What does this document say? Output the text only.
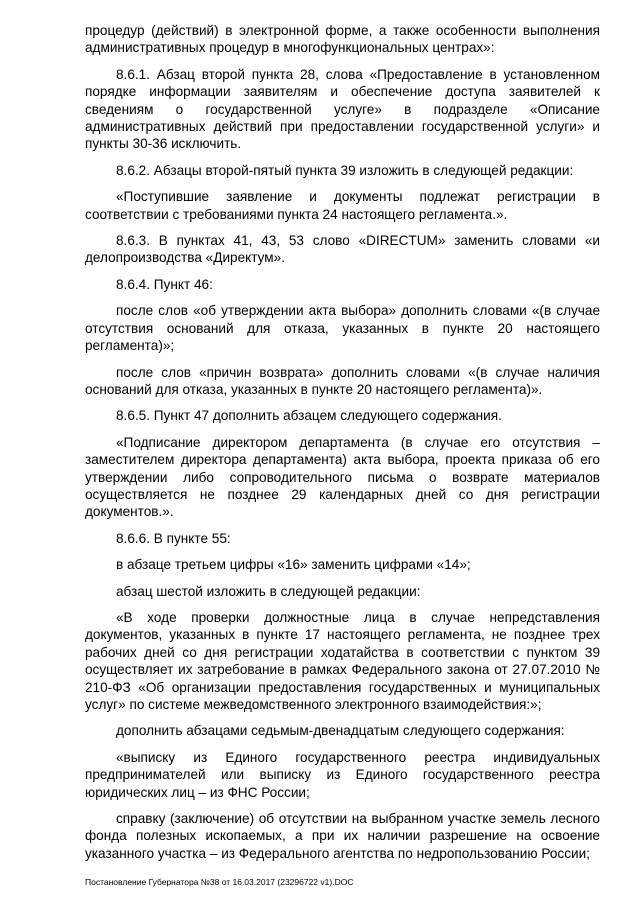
процедур (действий) в электронной форме, а также особенности выполнения административных процедур в многофункциональных центрах»:

8.6.1. Абзац второй пункта 28, слова «Предоставление в установленном порядке информации заявителям и обеспечение доступа заявителей к сведениям о государственной услуге» в подразделе «Описание административных действий при предоставлении государственной услуги» и пункты 30-36 исключить.

8.6.2. Абзацы второй-пятый пункта 39 изложить в следующей редакции:

«Поступившие заявление и документы подлежат регистрации в соответствии с требованиями пункта 24 настоящего регламента.».

8.6.3. В пунктах 41, 43, 53 слово «DIRECTUM» заменить словами «и делопроизводства «Директум».

8.6.4. Пункт 46:

после слов «об утверждении акта выбора» дополнить словами «(в случае отсутствия оснований для отказа, указанных в пункте 20 настоящего регламента)»;

после слов «причин возврата» дополнить словами «(в случае наличия оснований для отказа, указанных в пункте 20 настоящего регламента)».

8.6.5. Пункт 47 дополнить абзацем следующего содержания.

«Подписание директором департамента (в случае его отсутствия – заместителем директора департамента) акта выбора, проекта приказа об его утверждении либо сопроводительного письма о возврате материалов осуществляется не позднее 29 календарных дней со дня регистрации документов.».

8.6.6. В пункте 55:

в абзаце третьем цифры «16» заменить цифрами «14»;

абзац шестой изложить в следующей редакции:

«В ходе проверки должностные лица в случае непредставления документов, указанных в пункте 17 настоящего регламента, не позднее трех рабочих дней со дня регистрации ходатайства в соответствии с пунктом 39 осуществляет их затребование в рамках Федерального закона от 27.07.2010 № 210-ФЗ «Об организации предоставления государственных и муниципальных услуг» по системе межведомственного электронного взаимодействия:»;

дополнить абзацами седьмым-двенадцатым следующего содержания:

«выписку из Единого государственного реестра индивидуальных предпринимателей или выписку из Единого государственного реестра юридических лиц – из ФНС России;

справку (заключение) об отсутствии на выбранном участке земель лесного фонда полезных ископаемых, а при их наличии разрешение на освоение указанного участка – из Федерального агентства по недропользованию России;

Постановление Губернатора №38 от 16.03.2017 (23296722 v1).DOC
